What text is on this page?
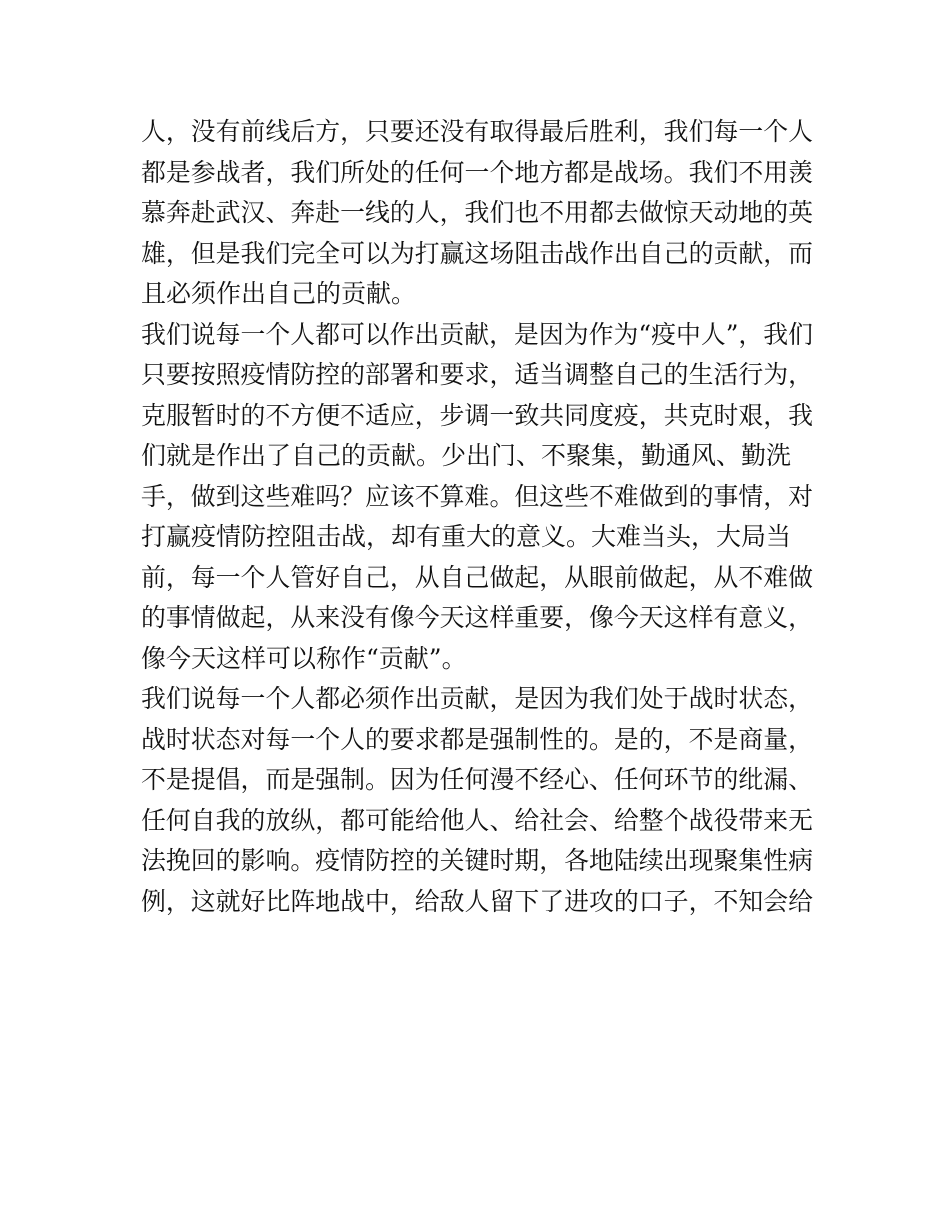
人，没有前线后方，只要还没有取得最后胜利，我们每一个人
都是参战者，我们所处的任何一个地方都是战场。我们不用羡
慕奔赴武汉、奔赴一线的人，我们也不用都去做惊天动地的英
雄，但是我们完全可以为打赢这场阻击战作出自己的贡献，而
且必须作出自己的贡献。
我们说每一个人都可以作出贡献，是因为作为“疫中人”，我们
只要按照疫情防控的部署和要求，适当调整自己的生活行为，
克服暂时的不方便不适应，步调一致共同度疫，共克时艰，我
们就是作出了自己的贡献。少出门、不聚集，勤通风、勤洗
手，做到这些难吗？应该不算难。但这些不难做到的事情，对
打赢疫情防控阻击战，却有重大的意义。大难当头，大局当
前，每一个人管好自己，从自己做起，从眼前做起，从不难做
的事情做起，从来没有像今天这样重要，像今天这样有意义，
像今天这样可以称作“贡献”。
我们说每一个人都必须作出贡献，是因为我们处于战时状态，
战时状态对每一个人的要求都是强制性的。是的，不是商量，
不是提倡，而是强制。因为任何漫不经心、任何环节的纰漏、
任何自我的放纵，都可能给他人、给社会、给整个战役带来无
法挽回的影响。疫情防控的关键时期，各地陆续出现聚集性病
例，这就好比阵地战中，给敌人留下了进攻的口子，不知会给
